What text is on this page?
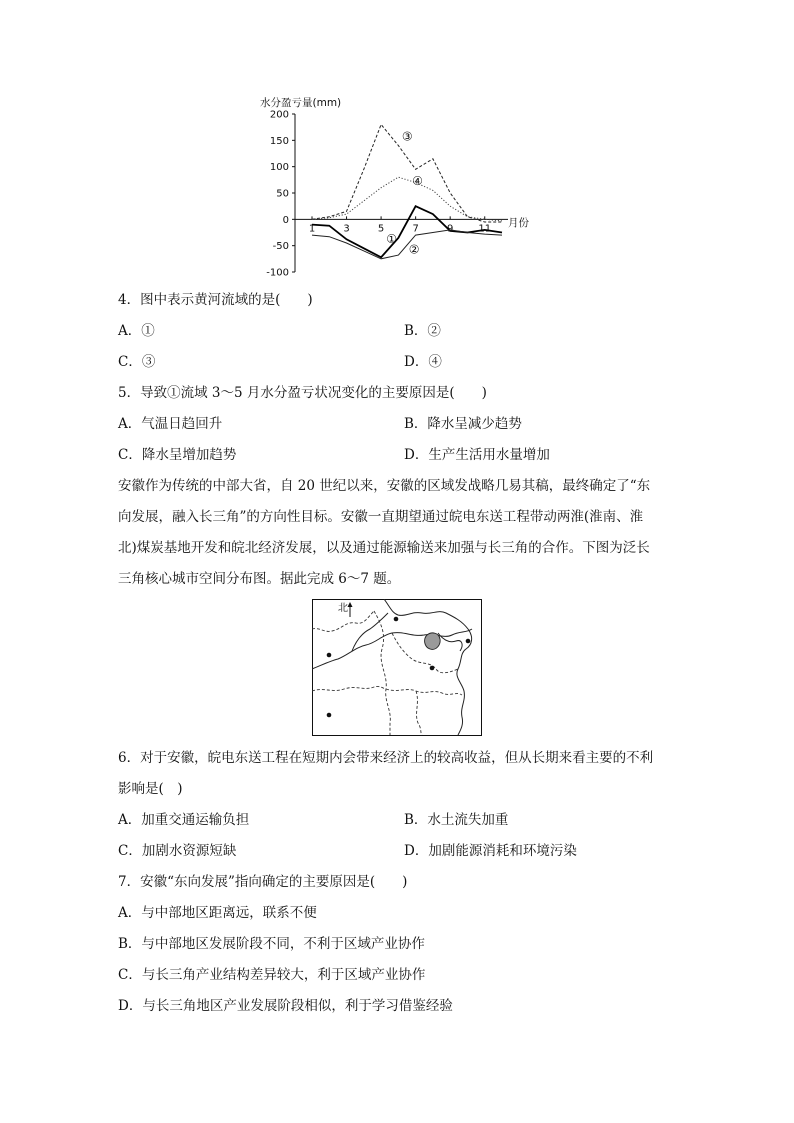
200
150
100
50
0
-50
-100
1	3	5	7	9 11
③
④
①
②
水分盈亏量(mm)
月份
4．图中表示黄河流域的是(　　)
A．①	B．②
C．③	D．④
5．导致①流域 3～5 月水分盈亏状况变化的主要原因是(　　)
A．气温日趋回升	B．降水呈减少趋势
C．降水呈增加趋势	D．生产生活用水量增加
安徽作为传统的中部大省，自 20 世纪以来，安徽的区域发战略几易其稿，最终确定了“东
向发展，融入长三角”的方向性目标。安徽一直期望通过皖电东送工程带动两淮(淮南、淮
北)煤炭基地开发和皖北经济发展，以及通过能源输送来加强与长三角的合作。下图为泛长
三角核心城市空间分布图。据此完成 6～7 题。
北
6．对于安徽，皖电东送工程在短期内会带来经济上的较高收益，但从长期来看主要的不利
影响是(　)
A．加重交通运输负担	B．水土流失加重
C．加剧水资源短缺	D．加剧能源消耗和环境污染
7．安徽“东向发展”指向确定的主要原因是(　　)
A．与中部地区距离远，联系不便
B．与中部地区发展阶段不同，不利于区域产业协作
C．与长三角产业结构差异较大，利于区域产业协作
D．与长三角地区产业发展阶段相似，利于学习借鉴经验
